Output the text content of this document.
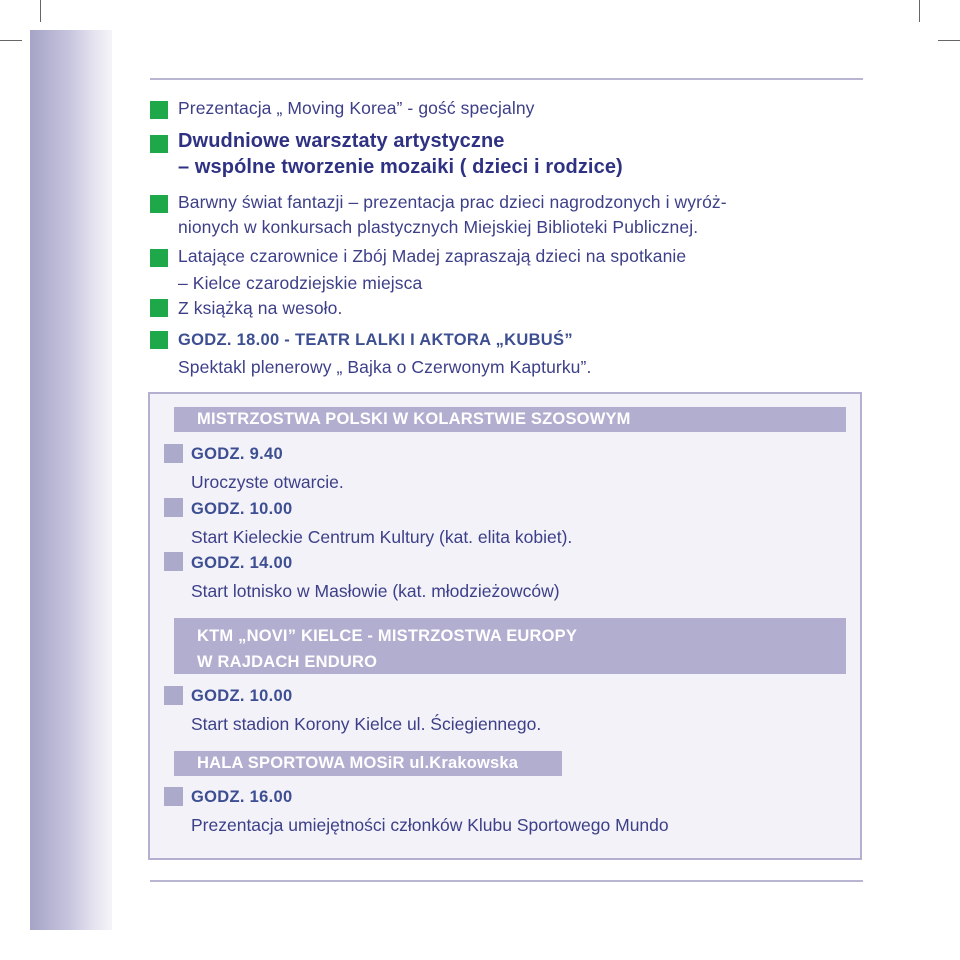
Prezentacja „ Moving Korea” - gość specjalny
Dwudniowe warsztaty artystyczne
– wspólne tworzenie mozaiki ( dzieci i rodzice)
Barwny świat fantazji – prezentacja prac dzieci nagrodzonych i wyróż-
nionych w konkursach plastycznych Miejskiej Biblioteki Publicznej.
Latające czarownice i Zbój Madej zapraszają dzieci na spotkanie
– Kielce czarodziejskie miejsca
Z książką na wesoło.
GODZ. 18.00 - TEATR LALKI I AKTORA „KUBUŚ”
Spektakl plenerowy „ Bajka o Czerwonym Kapturku”.
MISTRZOSTWA POLSKI W KOLARSTWIE SZOSOWYM
GODZ. 9.40
Uroczyste otwarcie.
GODZ. 10.00
Start Kieleckie Centrum Kultury (kat. elita kobiet).
GODZ. 14.00
Start lotnisko w Masłowie (kat. młodzieżowców)
KTM „NOVI” KIELCE - MISTRZOSTWA EUROPY
W RAJDACH ENDURO
GODZ. 10.00
Start stadion Korony Kielce ul. Ściegiennego.
HALA SPORTOWA MOSiR ul.Krakowska
GODZ. 16.00
Prezentacja umiejętności członków Klubu Sportowego Mundo
